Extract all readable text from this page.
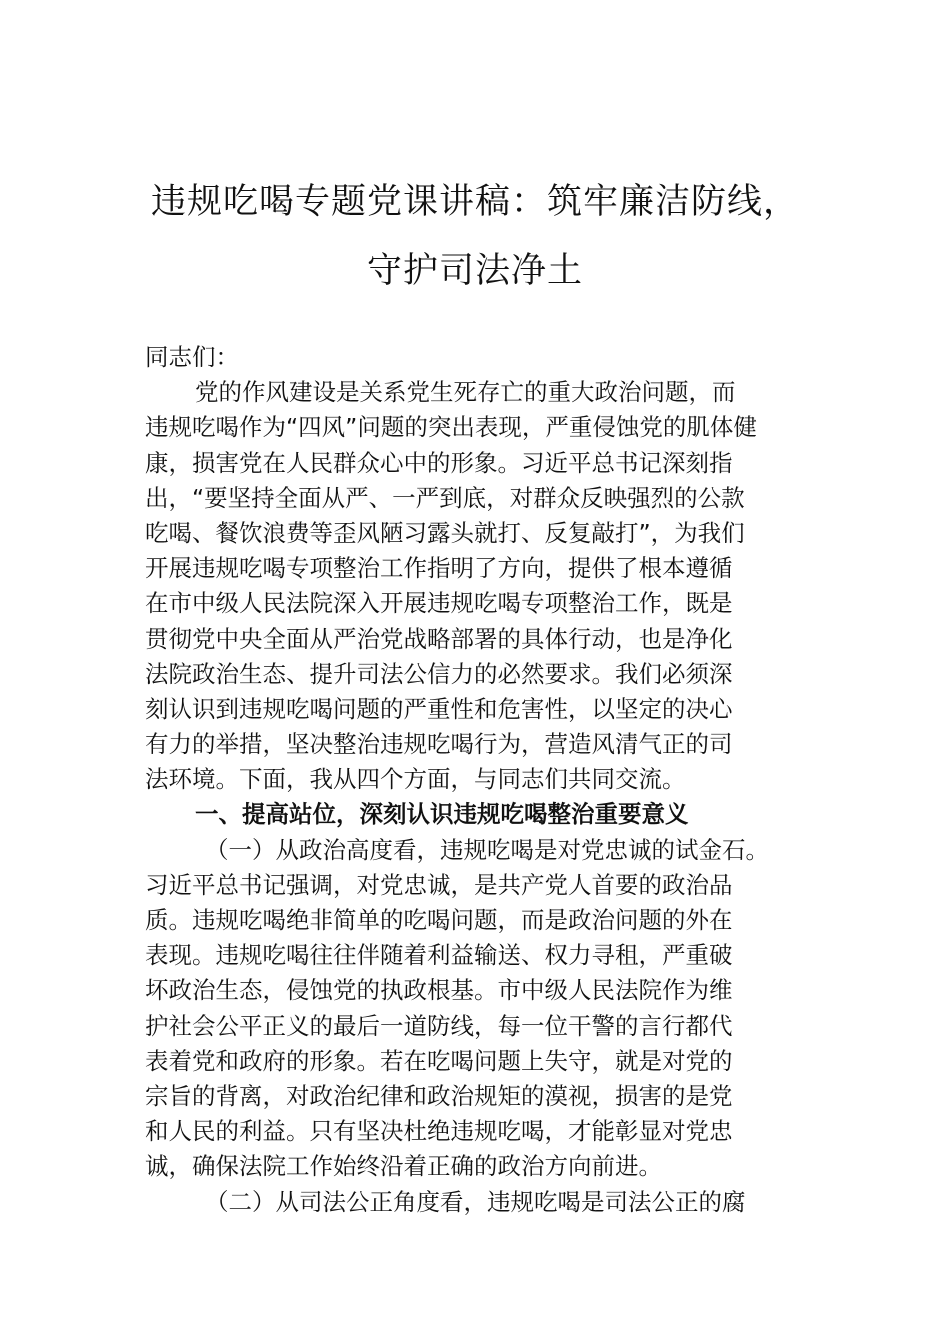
违规吃喝专题党课讲稿：筑牢廉洁防线，
守护司法净土
同志们：
党的作风建设是关系党生死存亡的重大政治问题，而
违规吃喝作为“四风”问题的突出表现，严重侵蚀党的肌体健
康，损害党在人民群众心中的形象。习近平总书记深刻指
出，“要坚持全面从严、一严到底，对群众反映强烈的公款
吃喝、餐饮浪费等歪风陋习露头就打、反复敲打”，为我们
开展违规吃喝专项整治工作指明了方向，提供了根本遵循
在市中级人民法院深入开展违规吃喝专项整治工作，既是
贯彻党中央全面从严治党战略部署的具体行动，也是净化
法院政治生态、提升司法公信力的必然要求。我们必须深
刻认识到违规吃喝问题的严重性和危害性，以坚定的决心
有力的举措，坚决整治违规吃喝行为，营造风清气正的司
法环境。下面，我从四个方面，与同志们共同交流。
一、提高站位，深刻认识违规吃喝整治重要意义
（一）从政治高度看，违规吃喝是对党忠诚的试金石。
习近平总书记强调，对党忠诚，是共产党人首要的政治品
质。违规吃喝绝非简单的吃喝问题，而是政治问题的外在
表现。违规吃喝往往伴随着利益输送、权力寻租，严重破
坏政治生态，侵蚀党的执政根基。市中级人民法院作为维
护社会公平正义的最后一道防线，每一位干警的言行都代
表着党和政府的形象。若在吃喝问题上失守，就是对党的
宗旨的背离，对政治纪律和政治规矩的漠视，损害的是党
和人民的利益。只有坚决杜绝违规吃喝，才能彰显对党忠
诚，确保法院工作始终沿着正确的政治方向前进。
（二）从司法公正角度看，违规吃喝是司法公正的腐
